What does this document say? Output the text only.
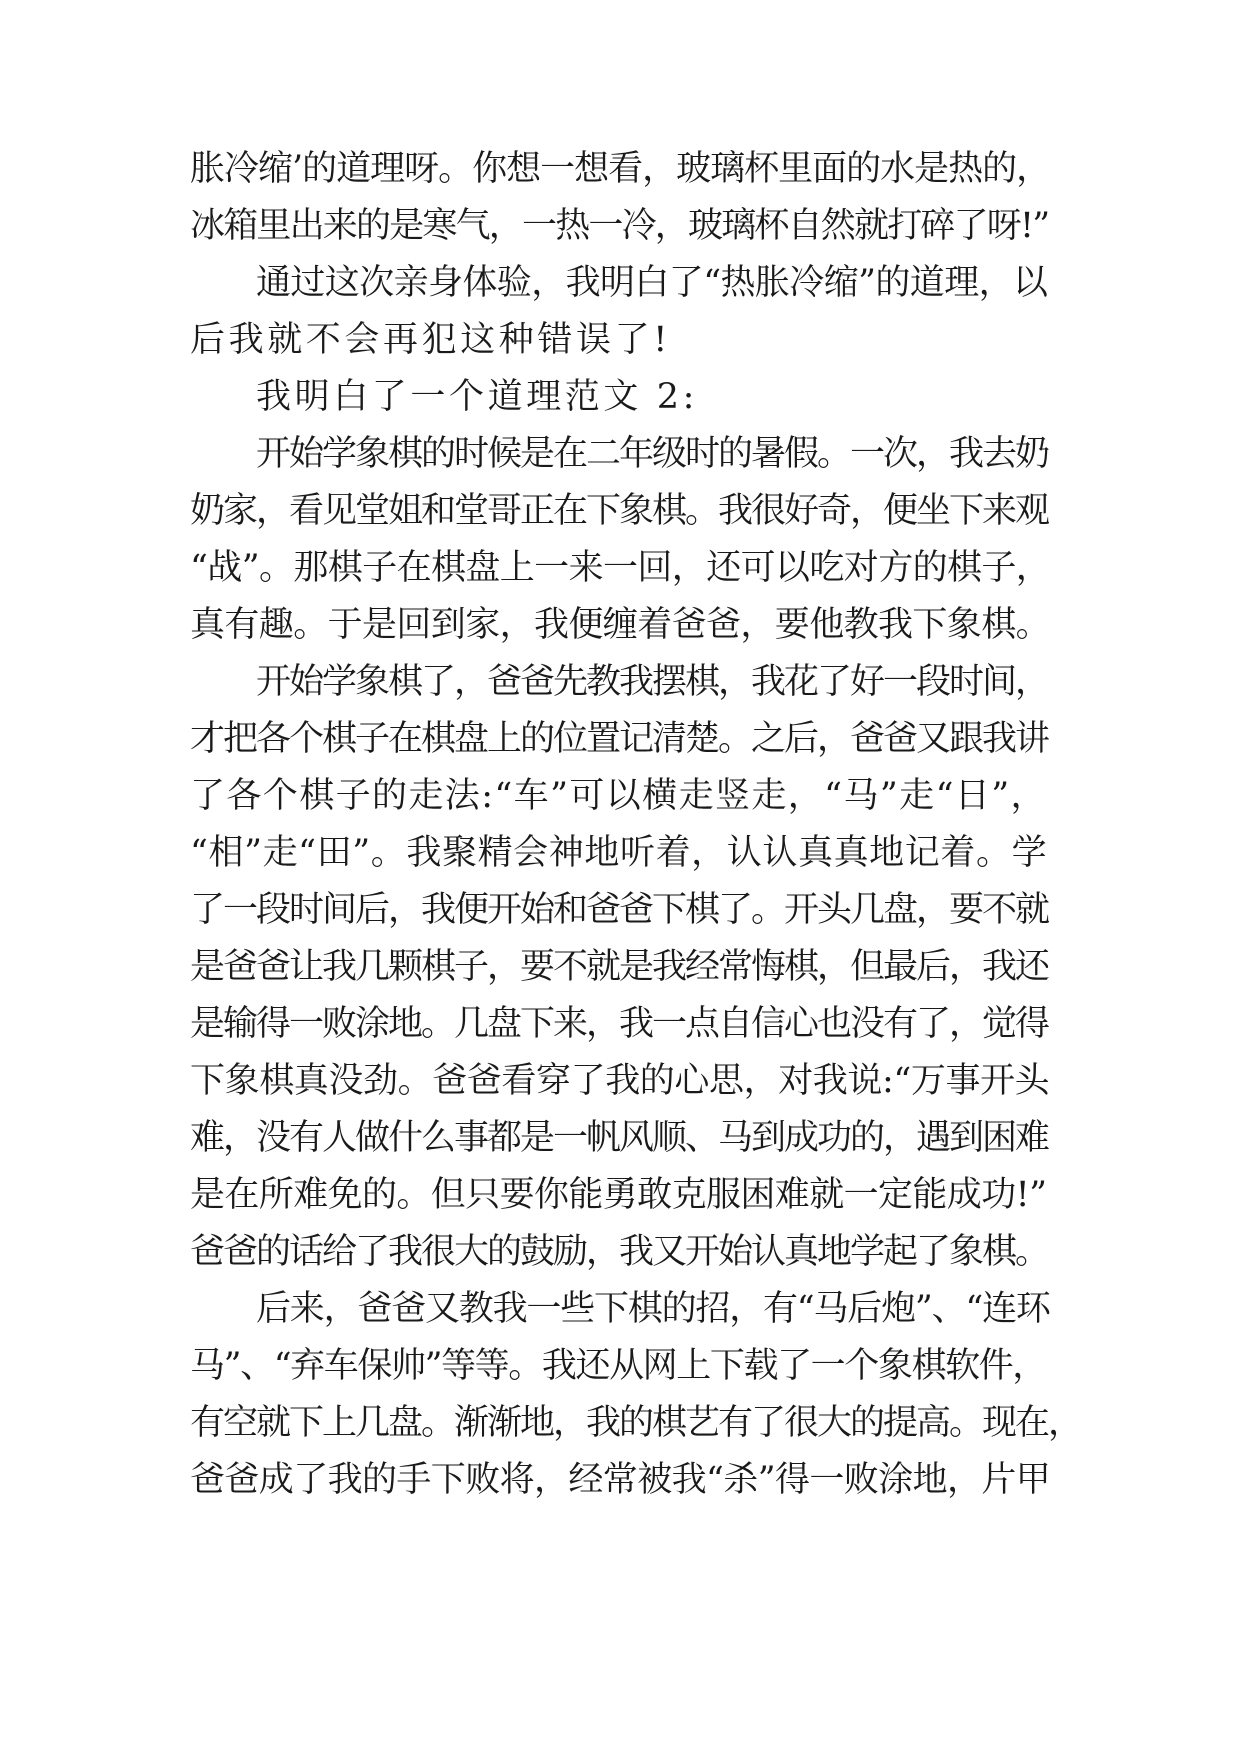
胀冷缩’的道理呀。你想一想看，玻璃杯里面的水是热的，
冰箱里出来的是寒气，一热一冷，玻璃杯自然就打碎了呀!”
通过这次亲身体验，我明白了“热胀冷缩”的道理，以
后我就不会再犯这种错误了!
我明白了一个道理范文 2:
开始学象棋的时候是在二年级时的暑假。一次，我去奶
奶家，看见堂姐和堂哥正在下象棋。我很好奇，便坐下来观
“战”。那棋子在棋盘上一来一回，还可以吃对方的棋子，
真有趣。于是回到家，我便缠着爸爸，要他教我下象棋。
开始学象棋了，爸爸先教我摆棋，我花了好一段时间，
才把各个棋子在棋盘上的位置记清楚。之后，爸爸又跟我讲
了各个棋子的走法:“车”可以横走竖走，“马”走“日”，
“相”走“田”。我聚精会神地听着，认认真真地记着。学
了一段时间后，我便开始和爸爸下棋了。开头几盘，要不就
是爸爸让我几颗棋子，要不就是我经常悔棋，但最后，我还
是输得一败涂地。几盘下来，我一点自信心也没有了，觉得
下象棋真没劲。爸爸看穿了我的心思，对我说:“万事开头
难，没有人做什么事都是一帆风顺、马到成功的，遇到困难
是在所难免的。但只要你能勇敢克服困难就一定能成功!”
爸爸的话给了我很大的鼓励，我又开始认真地学起了象棋。
后来，爸爸又教我一些下棋的招，有“马后炮”、“连环
马”、“弃车保帅”等等。我还从网上下载了一个象棋软件，
有空就下上几盘。渐渐地，我的棋艺有了很大的提高。现在，
爸爸成了我的手下败将，经常被我“杀”得一败涂地，片甲
